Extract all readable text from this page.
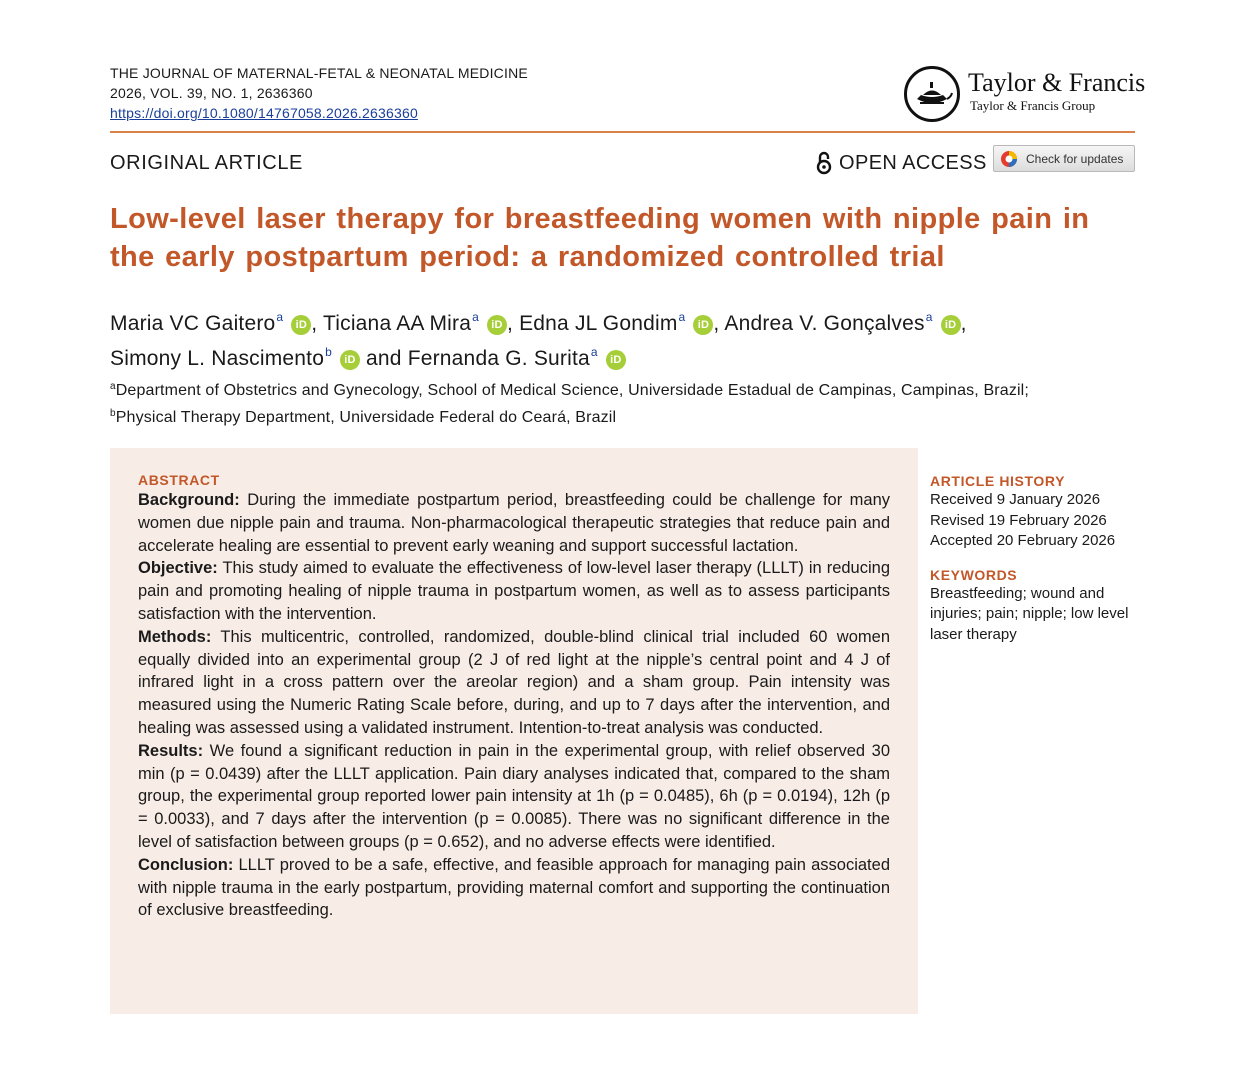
THE JOURNAL OF MATERNAL-FETAL & NEONATAL MEDICINE
2026, VOL. 39, NO. 1, 2636360
https://doi.org/10.1080/14767058.2026.2636360
Taylor & Francis
Taylor & Francis Group
ORIGINAL ARTICLE	OPEN ACCESS	Check for updates
Low-level laser therapy for breastfeeding women with nipple pain in the early postpartum period: a randomized controlled trial
Maria VC Gaitero$^a$iD , Ticiana AA Mira$^a$iD , Edna JL Gondim$^a$iD , Andrea V. Gonçalves$^a$iD ,
Simony L. Nascimento$^b$iD and Fernanda G. Surita$^a$iD
$^a$Department of Obstetrics and Gynecology, School of Medical Science, Universidade Estadual de Campinas, Campinas, Brazil;
$^b$Physical Therapy Department, Universidade Federal do Ceará, Brazil
ABSTRACT

Background: During the immediate postpartum period, breastfeeding could be challenge for many women due nipple pain and trauma. Non-pharmacological therapeutic strategies that reduce pain and accelerate healing are essential to prevent early weaning and support successful lactation.

Objective: This study aimed to evaluate the effectiveness of low-level laser therapy (LLLT) in reducing pain and promoting healing of nipple trauma in postpartum women, as well as to assess participants satisfaction with the intervention.

Methods: This multicentric, controlled, randomized, double-blind clinical trial included 60 women equally divided into an experimental group (2 J of red light at the nipple’s central point and 4 J of infrared light in a cross pattern over the areolar region) and a sham group. Pain intensity was measured using the Numeric Rating Scale before, during, and up to 7 days after the intervention, and healing was assessed using a validated instrument. Intention-to-treat analysis was conducted.

Results: We found a significant reduction in pain in the experimental group, with relief observed 30 min (p = 0.0439) after the LLLT application. Pain diary analyses indicated that, compared to the sham group, the experimental group reported lower pain intensity at 1h (p = 0.0485), 6h (p = 0.0194), 12h (p = 0.0033), and 7 days after the intervention (p = 0.0085). There was no significant difference in the level of satisfaction between groups (p = 0.652), and no adverse effects were identified.

Conclusion: LLLT proved to be a safe, effective, and feasible approach for managing pain associated with nipple trauma in the early postpartum, providing maternal comfort and supporting the continuation of exclusive breastfeeding.

ARTICLE HISTORY
Received 9 January 2026
Revised 19 February 2026
Accepted 20 February 2026
KEYWORDS
Breastfeeding; wound and injuries; pain; nipple; low level laser therapy
